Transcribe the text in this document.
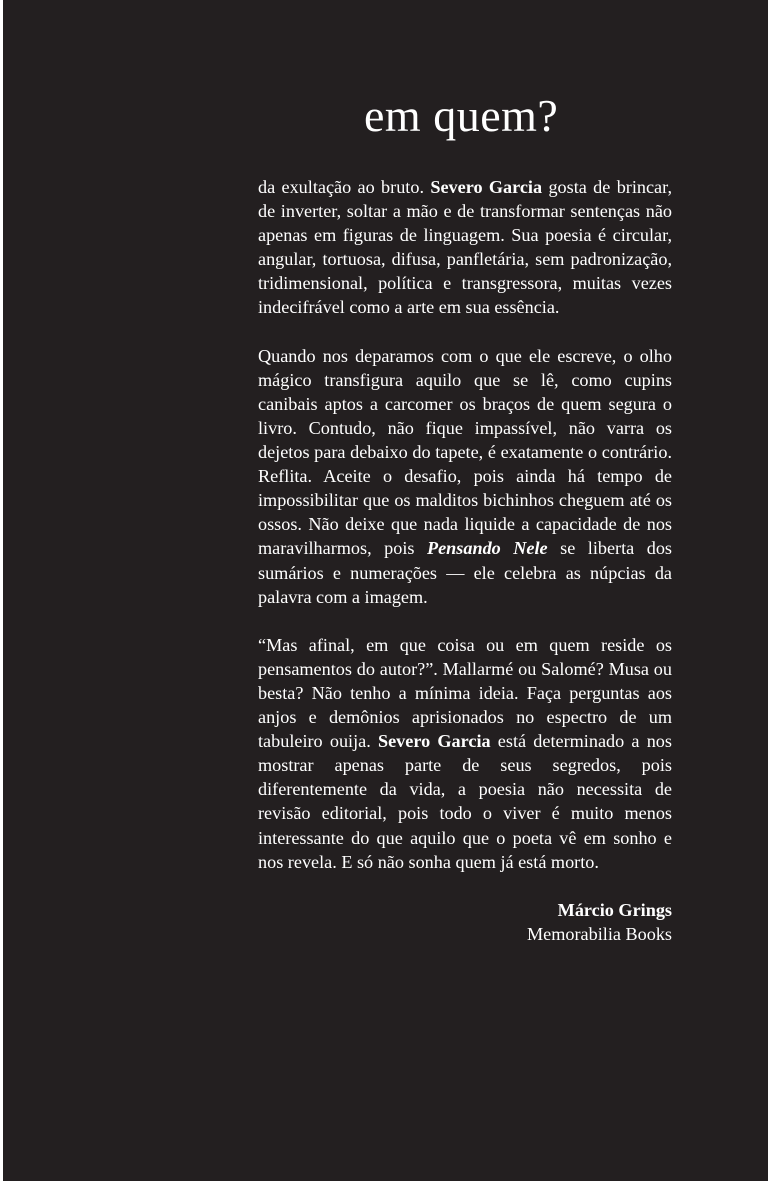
em quem?

da exultação ao bruto. Severo Garcia gosta de brincar, de inverter, soltar a mão e de transformar sentenças não apenas em figuras de linguagem. Sua poesia é circular, angular, tortuosa, difusa, panfletária, sem padronização, tridimensional, política e transgressora, muitas vezes indecifrável como a arte em sua essência.

Quando nos deparamos com o que ele escreve, o olho mágico transfigura aquilo que se lê, como cupins canibais aptos a carcomer os braços de quem segura o livro. Contudo, não fique impassível, não varra os dejetos para debaixo do tapete, é exatamente o contrário. Reflita. Aceite o desafio, pois ainda há tempo de impossibilitar que os malditos bichinhos cheguem até os ossos. Não deixe que nada liquide a capacidade de nos maravilharmos, pois Pensando Nele se liberta dos sumários e numerações — ele celebra as núpcias da palavra com a imagem.

“Mas afinal, em que coisa ou em quem reside os pensamentos do autor?”. Mallarmé ou Salomé? Musa ou besta? Não tenho a mínima ideia. Faça perguntas aos anjos e demônios aprisionados no espectro de um tabuleiro ouija. Severo Garcia está determinado a nos mostrar apenas parte de seus segredos, pois diferentemente da vida, a poesia não necessita de revisão editorial, pois todo o viver é muito menos interessante do que aquilo que o poeta vê em sonho e nos revela. E só não sonha quem já está morto.

Márcio Grings
Memorabilia Books
